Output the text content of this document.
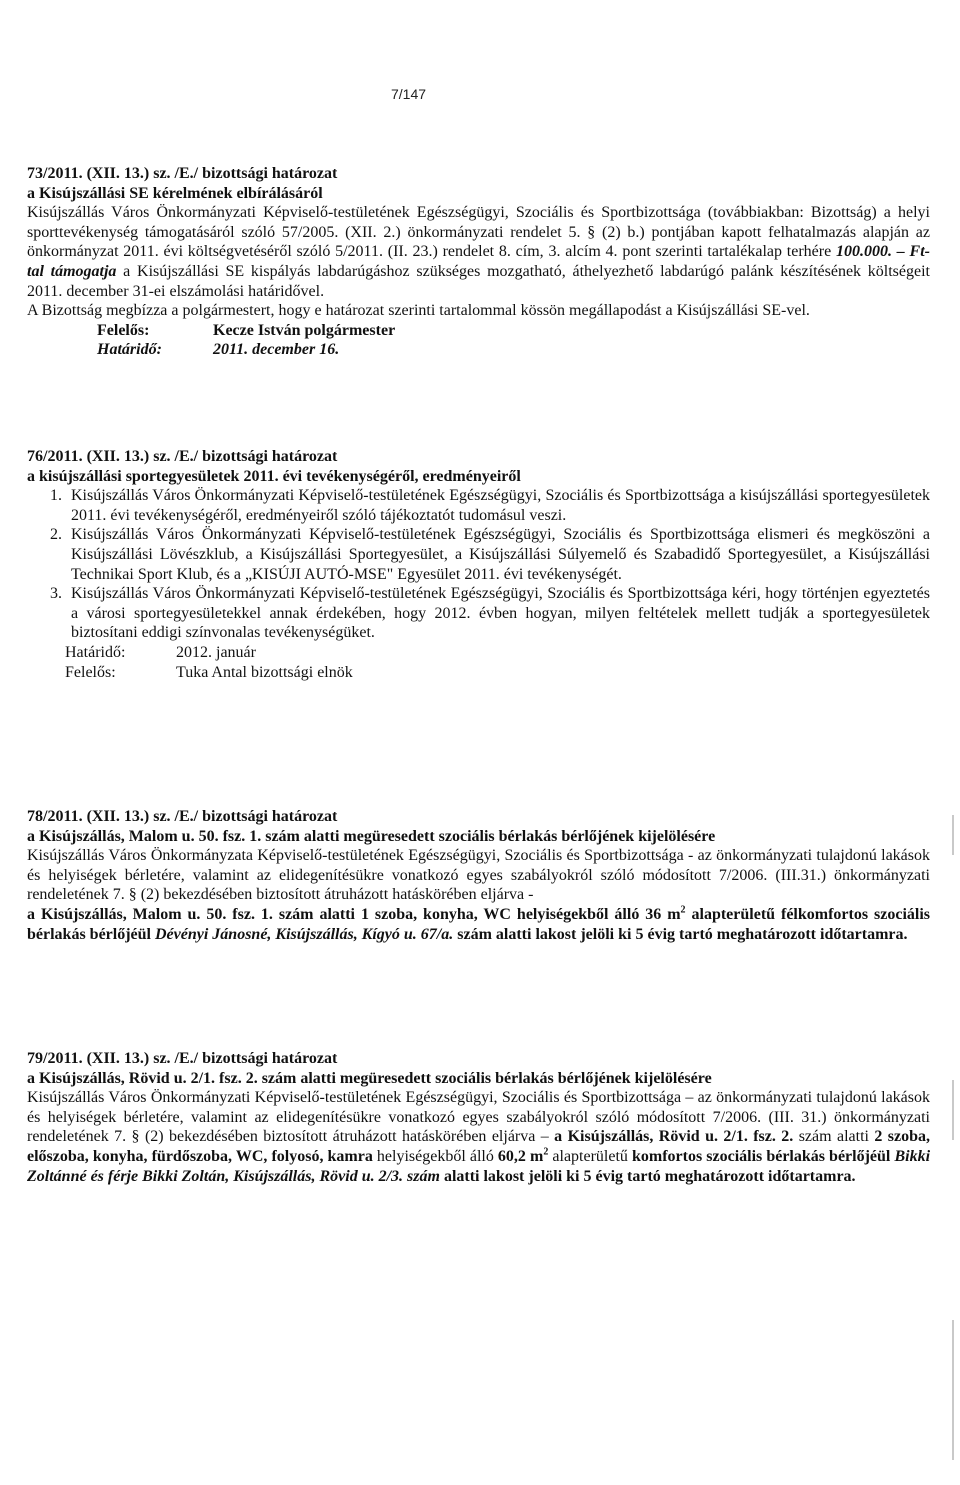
7/147

73/2011. (XII. 13.) sz. /E./ bizottsági határozat

a Kisújszállási SE kérelmének elbírálásáról

Kisújszállás Város Önkormányzati Képviselő-testületének Egészségügyi, Szociális és Sportbizottsága (továbbiakban: Bizottság) a helyi sporttevékenység támogatásáról szóló 57/2005. (XII. 2.) önkormányzati rendelet 5. § (2) b.) pontjában kapott felhatalmazás alapján az önkormányzat 2011. évi költségvetéséről szóló 5/2011. (II. 23.) rendelet 8. cím, 3. alcím 4. pont szerinti tartalékalap terhére 100.000. – Ft-tal támogatja a Kisújszállási SE kispályás labdarúgáshoz szükséges mozgatható, áthelyezhető labdarúgó palánk készítésének költségeit 2011. december 31-ei elszámolási határidővel.

A Bizottság megbízza a polgármestert, hogy e határozat szerinti tartalommal kössön megállapodást a Kisújszállási SE-vel.

Felelős:	Kecze István polgármester

Határidő:	2011. december 16.

76/2011. (XII. 13.) sz. /E./ bizottsági határozat

a kisújszállási sportegyesületek 2011. évi tevékenységéről, eredményeiről

1. Kisújszállás Város Önkormányzati Képviselő-testületének Egészségügyi, Szociális és Sportbizottsága a kisújszállási sportegyesületek 2011. évi tevékenységéről, eredményeiről szóló tájékoztatót tudomásul veszi.
2. Kisújszállás Város Önkormányzati Képviselő-testületének Egészségügyi, Szociális és Sportbizottsága elismeri és megköszöni a Kisújszállási Lövészklub, a Kisújszállási Sportegyesület, a Kisújszállási Súlyemelő és Szabadidő Sportegyesület, a Kisújszállási Technikai Sport Klub, és a „KISÚJI AUTÓ-MSE" Egyesület 2011. évi tevékenységét.
3. Kisújszállás Város Önkormányzati Képviselő-testületének Egészségügyi, Szociális és Sportbizottsága kéri, hogy történjen egyeztetés a városi sportegyesületekkel annak érdekében, hogy 2012. évben hogyan, milyen feltételek mellett tudják a sportegyesületek biztosítani eddigi színvonalas tevékenységüket.

Határidő:	2012. január

Felelős:	Tuka Antal bizottsági elnök

78/2011. (XII. 13.) sz. /E./ bizottsági határozat

a Kisújszállás, Malom u. 50. fsz. 1. szám alatti megüresedett szociális bérlakás bérlőjének kijelölésére

Kisújszállás Város Önkormányzata Képviselő-testületének Egészségügyi, Szociális és Sportbizottsága - az önkormányzati tulajdonú lakások és helyiségek bérletére, valamint az elidegenítésükre vonatkozó egyes szabályokról szóló módosított 7/2006. (III.31.) önkormányzati rendeletének 7. § (2) bekezdésében biztosított átruházott hatáskörében eljárva -

a Kisújszállás, Malom u. 50. fsz. 1. szám alatti 1 szoba, konyha, WC helyiségekből álló 36 $m^2$ alapterületű félkomfortos szociális bérlakás bérlőjéül Dévényi Jánosné, Kisújszállás, Kígyó u. 67/a. szám alatti lakost jelöli ki 5 évig tartó meghatározott időtartamra.

79/2011. (XII. 13.) sz. /E./ bizottsági határozat

a Kisújszállás, Rövid u. 2/1. fsz. 2. szám alatti megüresedett szociális bérlakás bérlőjének kijelölésére

Kisújszállás Város Önkormányzati Képviselő-testületének Egészségügyi, Szociális és Sportbizottsága – az önkormányzati tulajdonú lakások és helyiségek bérletére, valamint az elidegenítésükre vonatkozó egyes szabályokról szóló módosított 7/2006. (III. 31.) önkormányzati rendeletének 7. § (2) bekezdésében biztosított átruházott hatáskörében eljárva – a Kisújszállás, Rövid u. 2/1. fsz. 2. szám alatti 2 szoba, előszoba, konyha, fürdőszoba, WC, folyosó, kamra helyiségekből álló 60,2 $m^2$ alapterületű komfortos szociális bérlakás bérlőjéül Bikki Zoltánné és férje Bikki Zoltán, Kisújszállás, Rövid u. 2/3. szám alatti lakost jelöli ki 5 évig tartó meghatározott időtartamra.
